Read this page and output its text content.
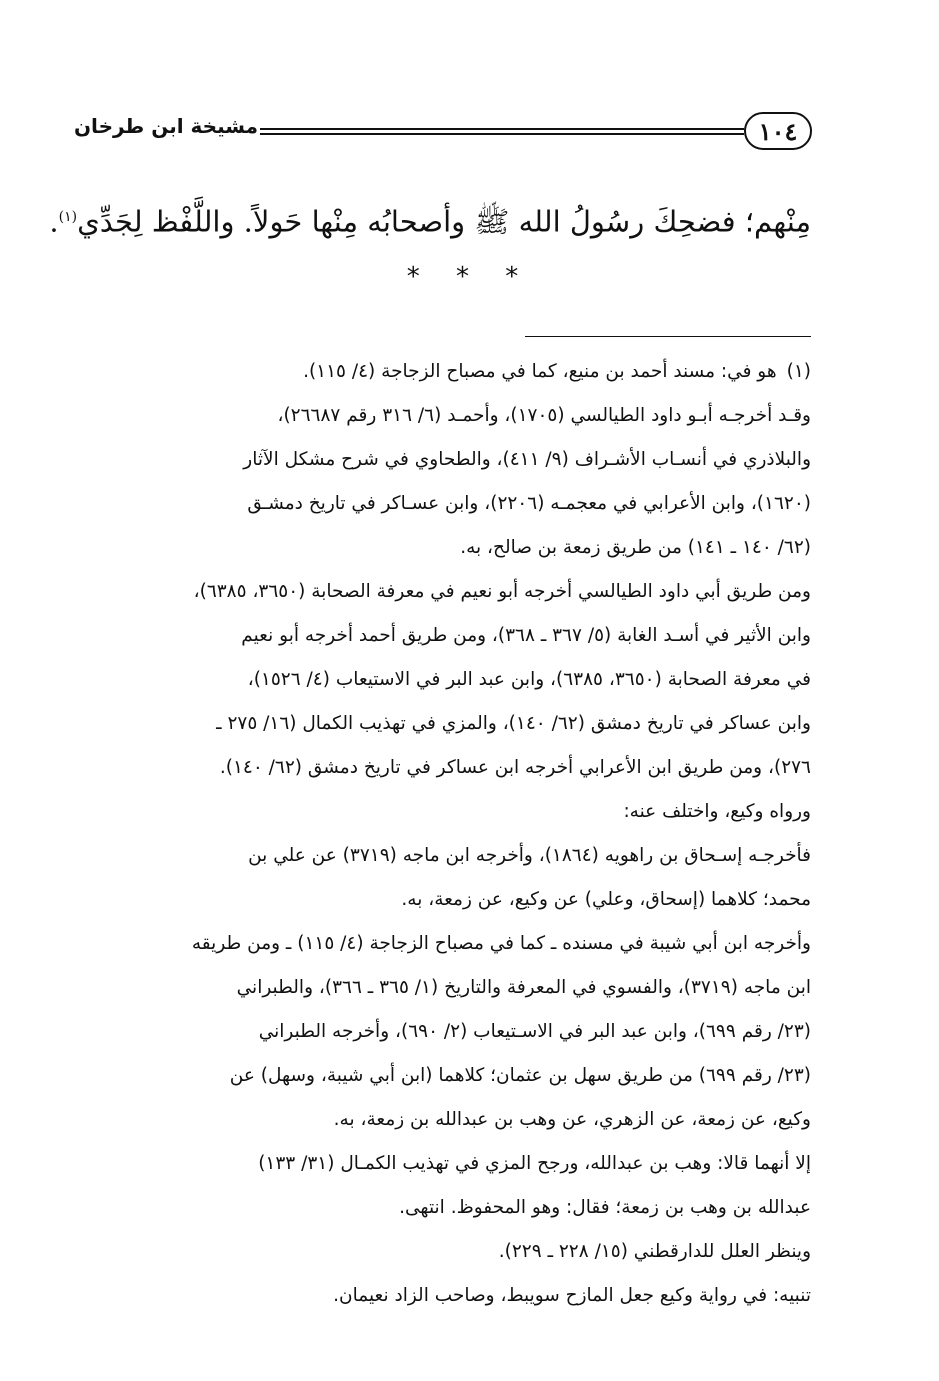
١٠٤
مشيخة ابن طرخان
مِنْهم؛ فضحِكَ رسُولُ الله ﷺ وأصحابُه مِنْها حَولاً. واللَّفْظ لِجَدِّي$^{(١)}$.
* * *
(١)هو في: مسند أحمد بن منيع، كما في مصباح الزجاجة (٤/ ١١٥).
وقـد أخرجـه أبـو داود الطيالسي (١٧٠٥)، وأحمـد (٦/ ٣١٦ رقم ٢٦٦٨٧)،
والبلاذري في أنسـاب الأشـراف (٩/ ٤١١)، والطحاوي في شرح مشكل الآثار
(١٦٢٠)، وابن الأعرابي في معجمـه (٢٢٠٦)، وابن عسـاكر في تاريخ دمشـق
(٦٢/ ١٤٠ ـ ١٤١) من طريق زمعة بن صالح، به.
ومن طريق أبي داود الطيالسي أخرجه أبو نعيم في معرفة الصحابة (٣٦٥٠، ٦٣٨٥)،
وابن الأثير في أسـد الغابة (٥/ ٣٦٧ ـ ٣٦٨)، ومن طريق أحمد أخرجه أبو نعيم
في معرفة الصحابة (٣٦٥٠، ٦٣٨٥)، وابن عبد البر في الاستيعاب (٤/ ١٥٢٦)،
وابن عساكر في تاريخ دمشق (٦٢/ ١٤٠)، والمزي في تهذيب الكمال (١٦/ ٢٧٥ ـ
٢٧٦)، ومن طريق ابن الأعرابي أخرجه ابن عساكر في تاريخ دمشق (٦٢/ ١٤٠).
ورواه وكيع، واختلف عنه:
فأخرجـه إسـحاق بن راهويه (١٨٦٤)، وأخرجه ابن ماجه (٣٧١٩) عن علي بن
محمد؛ كلاهما (إسحاق، وعلي) عن وكيع، عن زمعة، به.
وأخرجه ابن أبي شيبة في مسنده ـ كما في مصباح الزجاجة (٤/ ١١٥) ـ ومن طريقه
ابن ماجه (٣٧١٩)، والفسوي في المعرفة والتاريخ (١/ ٣٦٥ ـ ٣٦٦)، والطبراني
(٢٣/ رقم ٦٩٩)، وابن عبد البر في الاسـتيعاب (٢/ ٦٩٠)، وأخرجه الطبراني
(٢٣/ رقم ٦٩٩) من طريق سهل بن عثمان؛ كلاهما (ابن أبي شيبة، وسهل) عن
وكيع، عن زمعة، عن الزهري، عن وهب بن عبدالله بن زمعة، به.
إلا أنهما قالا: وهب بن عبدالله، ورجح المزي في تهذيب الكمـال (٣١/ ١٣٣)
عبدالله بن وهب بن زمعة؛ فقال: وهو المحفوظ. انتهى.
وينظر العلل للدارقطني (١٥/ ٢٢٨ ـ ٢٢٩).
تنبيه: في رواية وكيع جعل المازح سويبط، وصاحب الزاد نعيمان.
